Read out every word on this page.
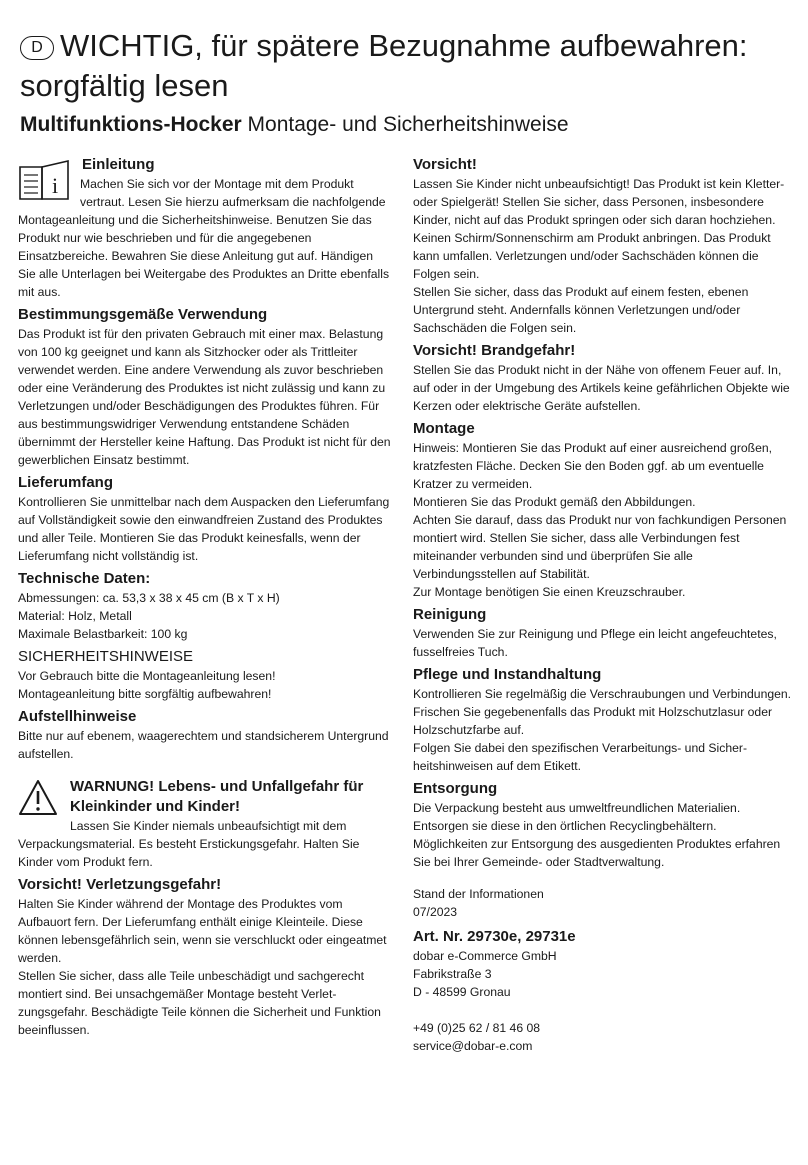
D WICHTIG, für spätere Bezugnahme aufbewahren: sorgfältig lesen
Multifunktions-Hocker Montage- und Sicherheitshinweise
i
Einleitung

Machen Sie sich vor der Montage mit dem Produkt vertraut. Lesen Sie hierzu aufmerksam die nachfolgende Montageanleitung und die Sicherheitshinweise. Benutzen Sie das Produkt nur wie beschrieben und für die angegebenen Einsatzbereiche. Bewahren Sie diese Anleitung gut auf. Händigen Sie alle Unterlagen bei Weitergabe des Produktes an Dritte ebenfalls mit aus.

Bestimmungsgemäße Verwendung

Das Produkt ist für den privaten Gebrauch mit einer max. Belastung von 100 kg geeignet und kann als Sitzhocker oder als Trittleiter verwendet werden. Eine andere Verwendung als zuvor beschrieben oder eine Veränderung des Produktes ist nicht zulässig und kann zu Verletzungen und/oder Beschädigungen des Produktes führen. Für aus bestimmungswidriger Verwendung entstandene Schäden übernimmt der Hersteller keine Haftung. Das Produkt ist nicht für den gewerblichen Einsatz bestimmt.

Lieferumfang

Kontrollieren Sie unmittelbar nach dem Auspacken den Lieferumfang auf Vollständigkeit sowie den einwandfreien Zustand des Produktes und aller Teile. Montieren Sie das Produkt keinesfalls, wenn der Lieferumfang nicht vollständig ist.

Technische Daten:

Abmessungen: ca. 53,3 x 38 x 45 cm (B x T x H)

Material: Holz, Metall

Maximale Belastbarkeit: 100 kg

SICHERHEITSHINWEISE

Vor Gebrauch bitte die Montageanleitung lesen!

Montageanleitung bitte sorgfältig aufbewahren!

Aufstellhinweise

Bitte nur auf ebenem, waagerechtem und standsicherem Untergrund aufstellen.

WARNUNG! Lebens- und Unfallgefahr für Kleinkinder und Kinder!

Lassen Sie Kinder niemals unbeaufsichtigt mit dem Verpackungsmaterial. Es besteht Erstickungsgefahr. Halten Sie Kinder vom Produkt fern.

Vorsicht! Verletzungsgefahr!

Halten Sie Kinder während der Montage des Produktes vom Aufbauort fern. Der Lieferumfang enthält einige Kleinteile. Diese können lebensgefährlich sein, wenn sie verschluckt oder eingeatmet werden.

Stellen Sie sicher, dass alle Teile unbeschädigt und sachgerecht montiert sind. Bei unsachgemäßer Montage besteht Verletzungsgefahr. Beschädigte Teile können die Sicherheit und Funktion beeinflussen.

Vorsicht!

Lassen Sie Kinder nicht unbeaufsichtigt! Das Produkt ist kein Kletter- oder Spielgerät! Stellen Sie sicher, dass Personen, insbesondere Kinder, nicht auf das Produkt springen oder sich daran hochziehen. Keinen Schirm/Sonnenschirm am Produkt anbringen. Das Produkt kann umfallen. Verletzungen und/oder Sachschäden können die Folgen sein.

Stellen Sie sicher, dass das Produkt auf einem festen, ebenen Untergrund steht. Andernfalls können Verletzungen und/oder Sachschäden die Folgen sein.

Vorsicht! Brandgefahr!

Stellen Sie das Produkt nicht in der Nähe von offenem Feuer auf. In, auf oder in der Umgebung des Artikels keine gefährlichen Objekte wie Kerzen oder elektrische Geräte aufstellen.

Montage

Hinweis: Montieren Sie das Produkt auf einer ausreichend großen, kratzfesten Fläche. Decken Sie den Boden ggf. ab um eventuelle Kratzer zu vermeiden.

Montieren Sie das Produkt gemäß den Abbildungen.

Achten Sie darauf, dass das Produkt nur von fachkundigen Personen montiert wird. Stellen Sie sicher, dass alle Verbindungen fest miteinander verbunden sind und überprüfen Sie alle Verbindungsstellen auf Stabilität.

Zur Montage benötigen Sie einen Kreuzschrauber.

Reinigung

Verwenden Sie zur Reinigung und Pflege ein leicht angefeuchtetes, fusselfreies Tuch.

Pflege und Instandhaltung

Kontrollieren Sie regelmäßig die Verschraubungen und Verbindungen.

Frischen Sie gegebenenfalls das Produkt mit Holzschutzlasur oder Holzschutzfarbe auf.

Folgen Sie dabei den spezifischen Verarbeitungs- und Sicherheitshinweisen auf dem Etikett.

Entsorgung

Die Verpackung besteht aus umweltfreundlichen Materialien. Entsorgen sie diese in den örtlichen Recyclingbehältern. Möglichkeiten zur Entsorgung des ausgedienten Produktes erfahren Sie bei Ihrer Gemeinde- oder Stadtverwaltung.

Stand der Informationen

07/2023

Art. Nr. 29730e, 29731e

dobar e-Commerce GmbH

Fabrikstraße 3

D - 48599 Gronau

+49 (0)25 62 / 81 46 08

service@dobar-e.com
